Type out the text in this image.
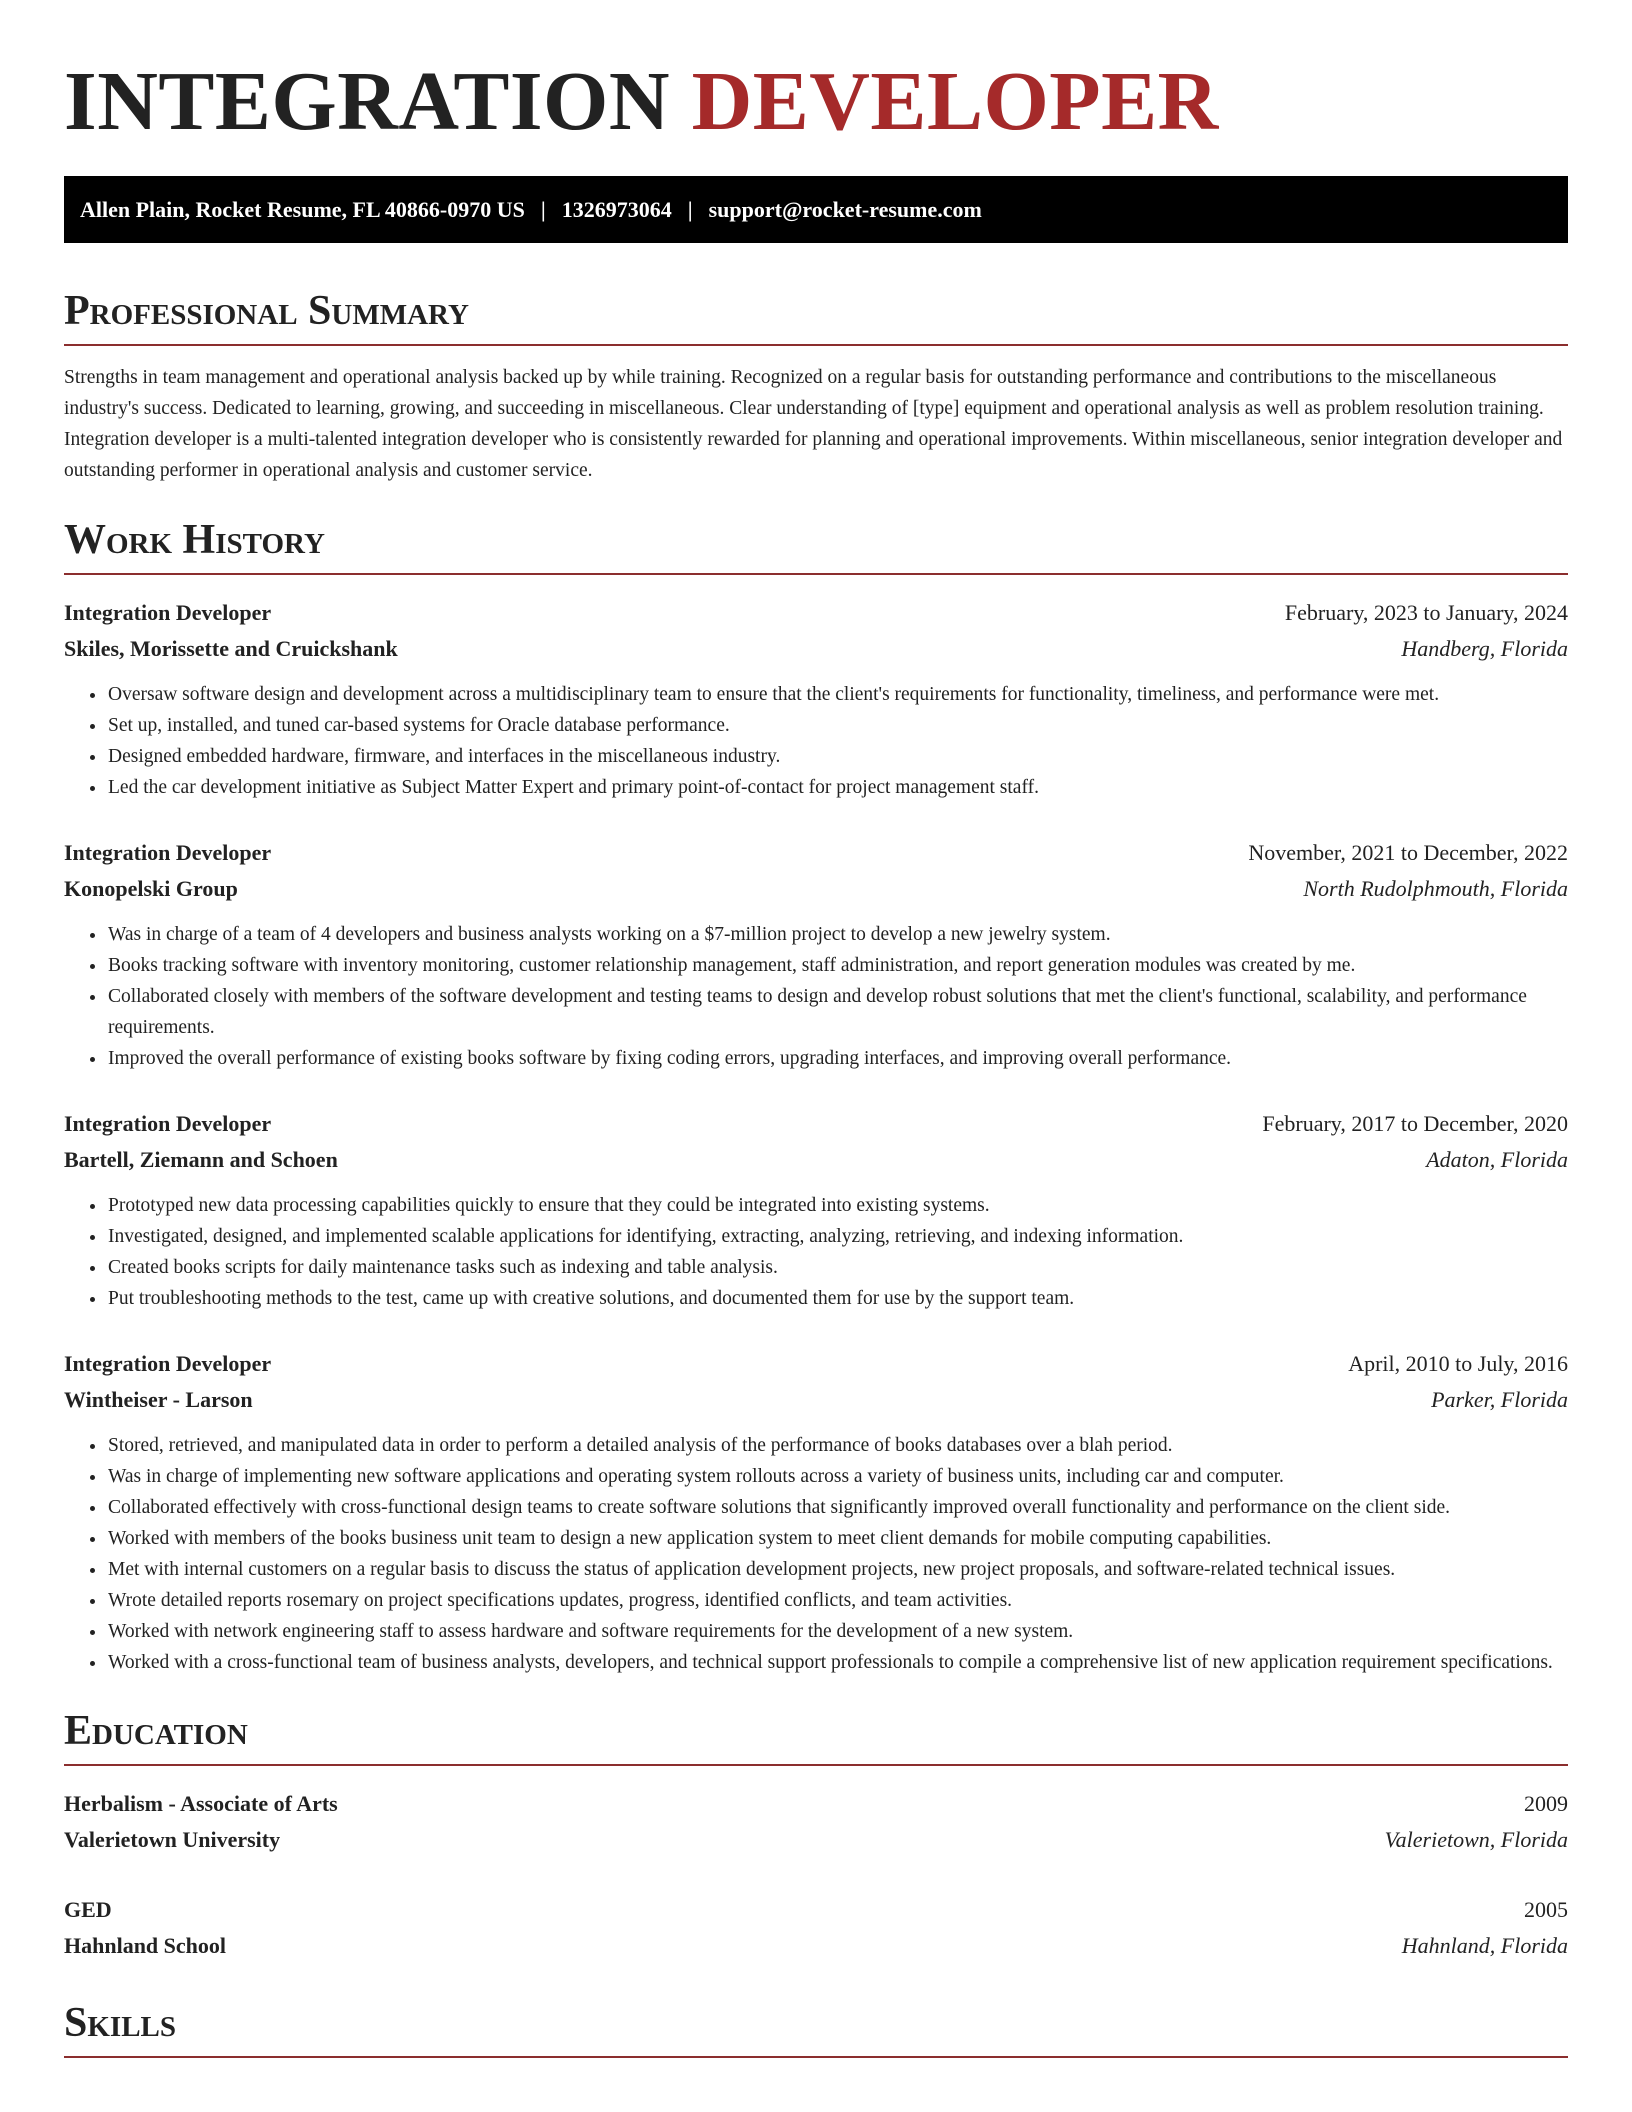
INTEGRATION DEVELOPER
Allen Plain, Rocket Resume, FL 40866-0970 US | 1326973064 | support@rocket-resume.com
Professional Summary

Strengths in team management and operational analysis backed up by while training. Recognized on a regular basis for outstanding performance and contributions to the miscellaneous industry's success. Dedicated to learning, growing, and succeeding in miscellaneous. Clear understanding of [type] equipment and operational analysis as well as problem resolution training. Integration developer is a multi-talented integration developer who is consistently rewarded for planning and operational improvements. Within miscellaneous, senior integration developer and outstanding performer in operational analysis and customer service.

Work History
Integration Developer	February, 2023 to January, 2024
Skiles, Morissette and Cruickshank	Handberg, Florida
• Oversaw software design and development across a multidisciplinary team to ensure that the client's requirements for functionality, timeliness, and performance were met.
• Set up, installed, and tuned car-based systems for Oracle database performance.
• Designed embedded hardware, firmware, and interfaces in the miscellaneous industry.
• Led the car development initiative as Subject Matter Expert and primary point-of-contact for project management staff.
Integration Developer	November, 2021 to December, 2022
Konopelski Group	North Rudolphmouth, Florida
• Was in charge of a team of 4 developers and business analysts working on a $7-million project to develop a new jewelry system.
• Books tracking software with inventory monitoring, customer relationship management, staff administration, and report generation modules was created by me.
• Collaborated closely with members of the software development and testing teams to design and develop robust solutions that met the client's functional, scalability, and performance requirements.
• Improved the overall performance of existing books software by fixing coding errors, upgrading interfaces, and improving overall performance.
Integration Developer	February, 2017 to December, 2020
Bartell, Ziemann and Schoen	Adaton, Florida
• Prototyped new data processing capabilities quickly to ensure that they could be integrated into existing systems.
• Investigated, designed, and implemented scalable applications for identifying, extracting, analyzing, retrieving, and indexing information.
• Created books scripts for daily maintenance tasks such as indexing and table analysis.
• Put troubleshooting methods to the test, came up with creative solutions, and documented them for use by the support team.
Integration Developer	April, 2010 to July, 2016
Wintheiser - Larson	Parker, Florida
• Stored, retrieved, and manipulated data in order to perform a detailed analysis of the performance of books databases over a blah period.
• Was in charge of implementing new software applications and operating system rollouts across a variety of business units, including car and computer.
• Collaborated effectively with cross-functional design teams to create software solutions that significantly improved overall functionality and performance on the client side.
• Worked with members of the books business unit team to design a new application system to meet client demands for mobile computing capabilities.
• Met with internal customers on a regular basis to discuss the status of application development projects, new project proposals, and software-related technical issues.
• Wrote detailed reports rosemary on project specifications updates, progress, identified conflicts, and team activities.
• Worked with network engineering staff to assess hardware and software requirements for the development of a new system.
• Worked with a cross-functional team of business analysts, developers, and technical support professionals to compile a comprehensive list of new application requirement specifications.
Education
Herbalism - Associate of Arts	2009
Valerietown University	Valerietown, Florida
GED	2005
Hahnland School	Hahnland, Florida
Skills
